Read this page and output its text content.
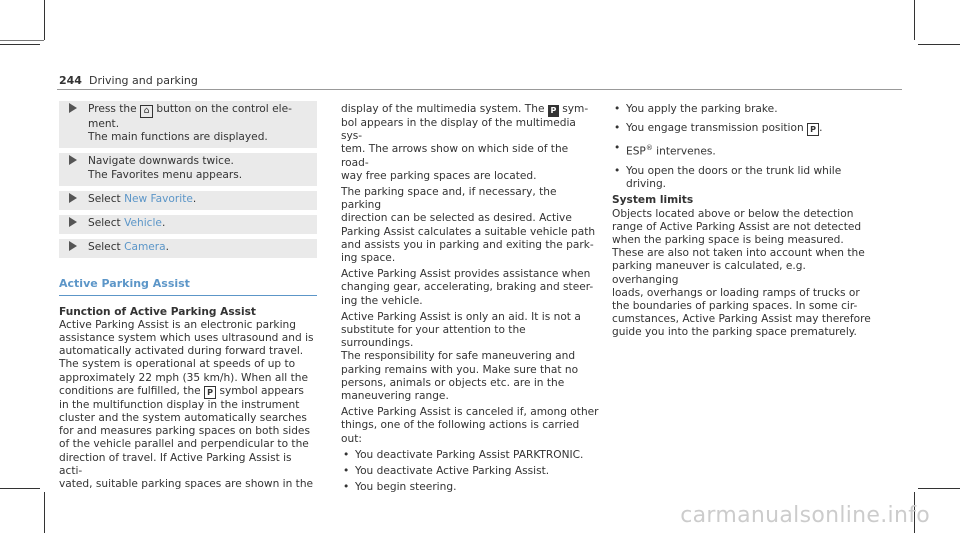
244 Driving and parking

Press the ⌂ button on the control ele-

ment.

The main functions are displayed.

Navigate downwards twice.

The Favorites menu appears.

Select New Favorite.

Select Vehicle.

Select Camera.

Active Parking Assist
Function of Active Parking Assist
Active Parking Assist is an electronic parking
assistance system which uses ultrasound and is
automatically activated during forward travel.
The system is operational at speeds of up to
approximately 22 mph (35 km/h). When all the
conditions are fulfilled, the P symbol appears
in the multifunction display in the instrument
cluster and the system automatically searches
for and measures parking spaces on both sides
of the vehicle parallel and perpendicular to the
direction of travel. If Active Parking Assist is acti-
vated, suitable parking spaces are shown in the
display of the multimedia system. The P sym-
bol appears in the display of the multimedia sys-
tem. The arrows show on which side of the road-
way free parking spaces are located.
The parking space and, if necessary, the parking
direction can be selected as desired. Active
Parking Assist calculates a suitable vehicle path
and assists you in parking and exiting the park-
ing space.
Active Parking Assist provides assistance when
changing gear, accelerating, braking and steer-
ing the vehicle.
Active Parking Assist is only an aid. It is not a
substitute for your attention to the surroundings.
The responsibility for safe maneuvering and
parking remains with you. Make sure that no
persons, animals or objects etc. are in the
maneuvering range.
Active Parking Assist is canceled if, among other
things, one of the following actions is carried
out:
• You deactivate Parking Assist PARKTRONIC.
• You deactivate Active Parking Assist.
• You begin steering.
• You apply the parking brake.
• You engage transmission position P .
• ESP® intervenes.
• You open the doors or the trunk lid while
driving.
System limits
Objects located above or below the detection
range of Active Parking Assist are not detected
when the parking space is being measured.
These are also not taken into account when the
parking maneuver is calculated, e.g. overhanging
loads, overhangs or loading ramps of trucks or
the boundaries of parking spaces. In some cir-
cumstances, Active Parking Assist may therefore
guide you into the parking space prematurely.
carmanualsonline.info
